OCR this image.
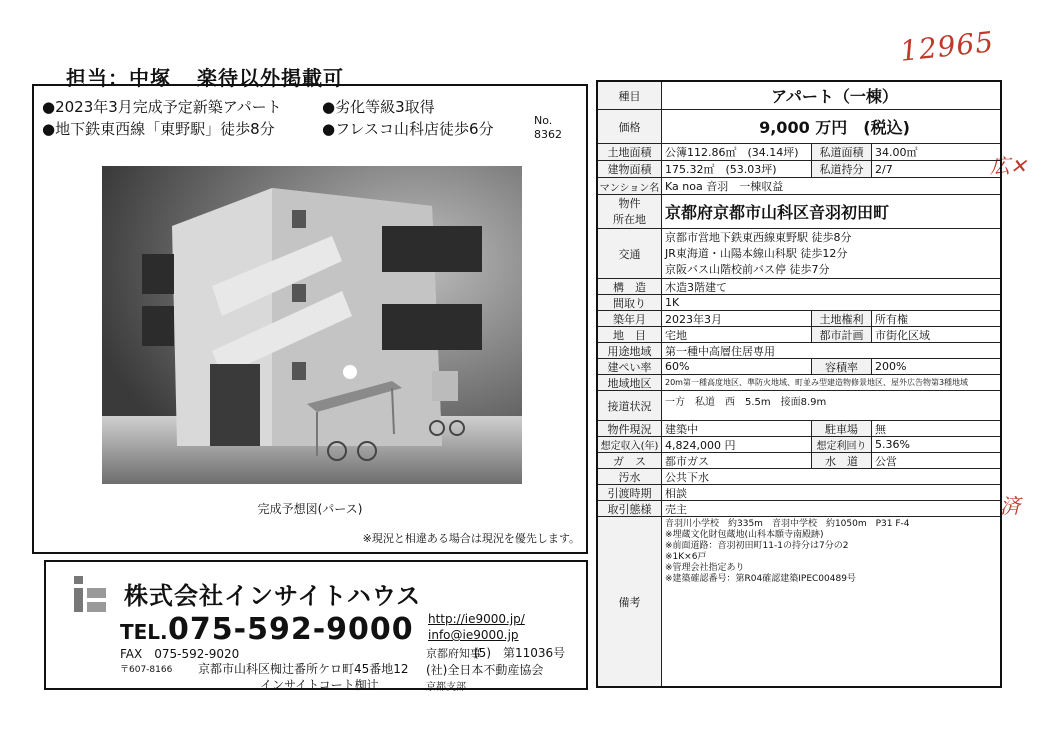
12965
広✕
済
担当：中塚 楽待以外掲載可
●2023年3月完成予定新築アパート	●劣化等級3取得
●地下鉄東西線「東野駅」徒歩8分	●フレスコ山科店徒歩6分	No.
8362
完成予想図(パース)
※現況と相違ある場合は現況を優先します。
株式会社インサイトハウス
TEL. 075-592-9000
FAX　075-592-9020
〒607-8166 京都市山科区椥辻番所ケロ町45番地12
インサイトコート椥辻
http://ie9000.jp/
info@ie9000.jp
京都府知事
(5)　第11036号
(社)全日本不動産協会
京都支部
種目	アパート（一棟）
価格	9,000 万円　(税込)
土地面積	公簿112.86㎡　(34.14坪)	私道面積	34.00㎡
建物面積	175.32㎡　(53.03坪)	私道持分	2/7
マンション名 Ka noa 音羽　一棟収益
物件
所在地 京都府京都市山科区音羽初田町
交通
京都市営地下鉄東西線東野駅 徒歩8分
JR東海道・山陽本線山科駅 徒歩12分
京阪バス山階校前バス停 徒歩7分
構　造	木造3階建て
間取り	1K
築年月	2023年3月	土地権利	所有権
地　目	宅地	都市計画	市街化区域
用途地域	第一種中高層住居専用
建ぺい率	60%	容積率	200%
地域地区	20m第一種高度地区、準防火地域、町並み型建造物修景地区、屋外広告物第3種地域
接道状況	一方　私道　西　5.5m　接面8.9m
物件現況	建築中	駐車場	無
想定収入(年) 4,824,000 円	想定利回り 5.36%
ガ　ス	都市ガス	水　道	公営
汚水	公共下水
引渡時期	相談
取引態様	売主
備考
音羽川小学校　約335m　音羽中学校　約1050m　P31 F-4
※埋蔵文化財包蔵地(山科本願寺南殿跡)
※前面道路：音羽初田町11-1の持分は7分の2
※1K×6戸
※管理会社指定あり
※建築確認番号：第R04確認建築IPEC00489号
